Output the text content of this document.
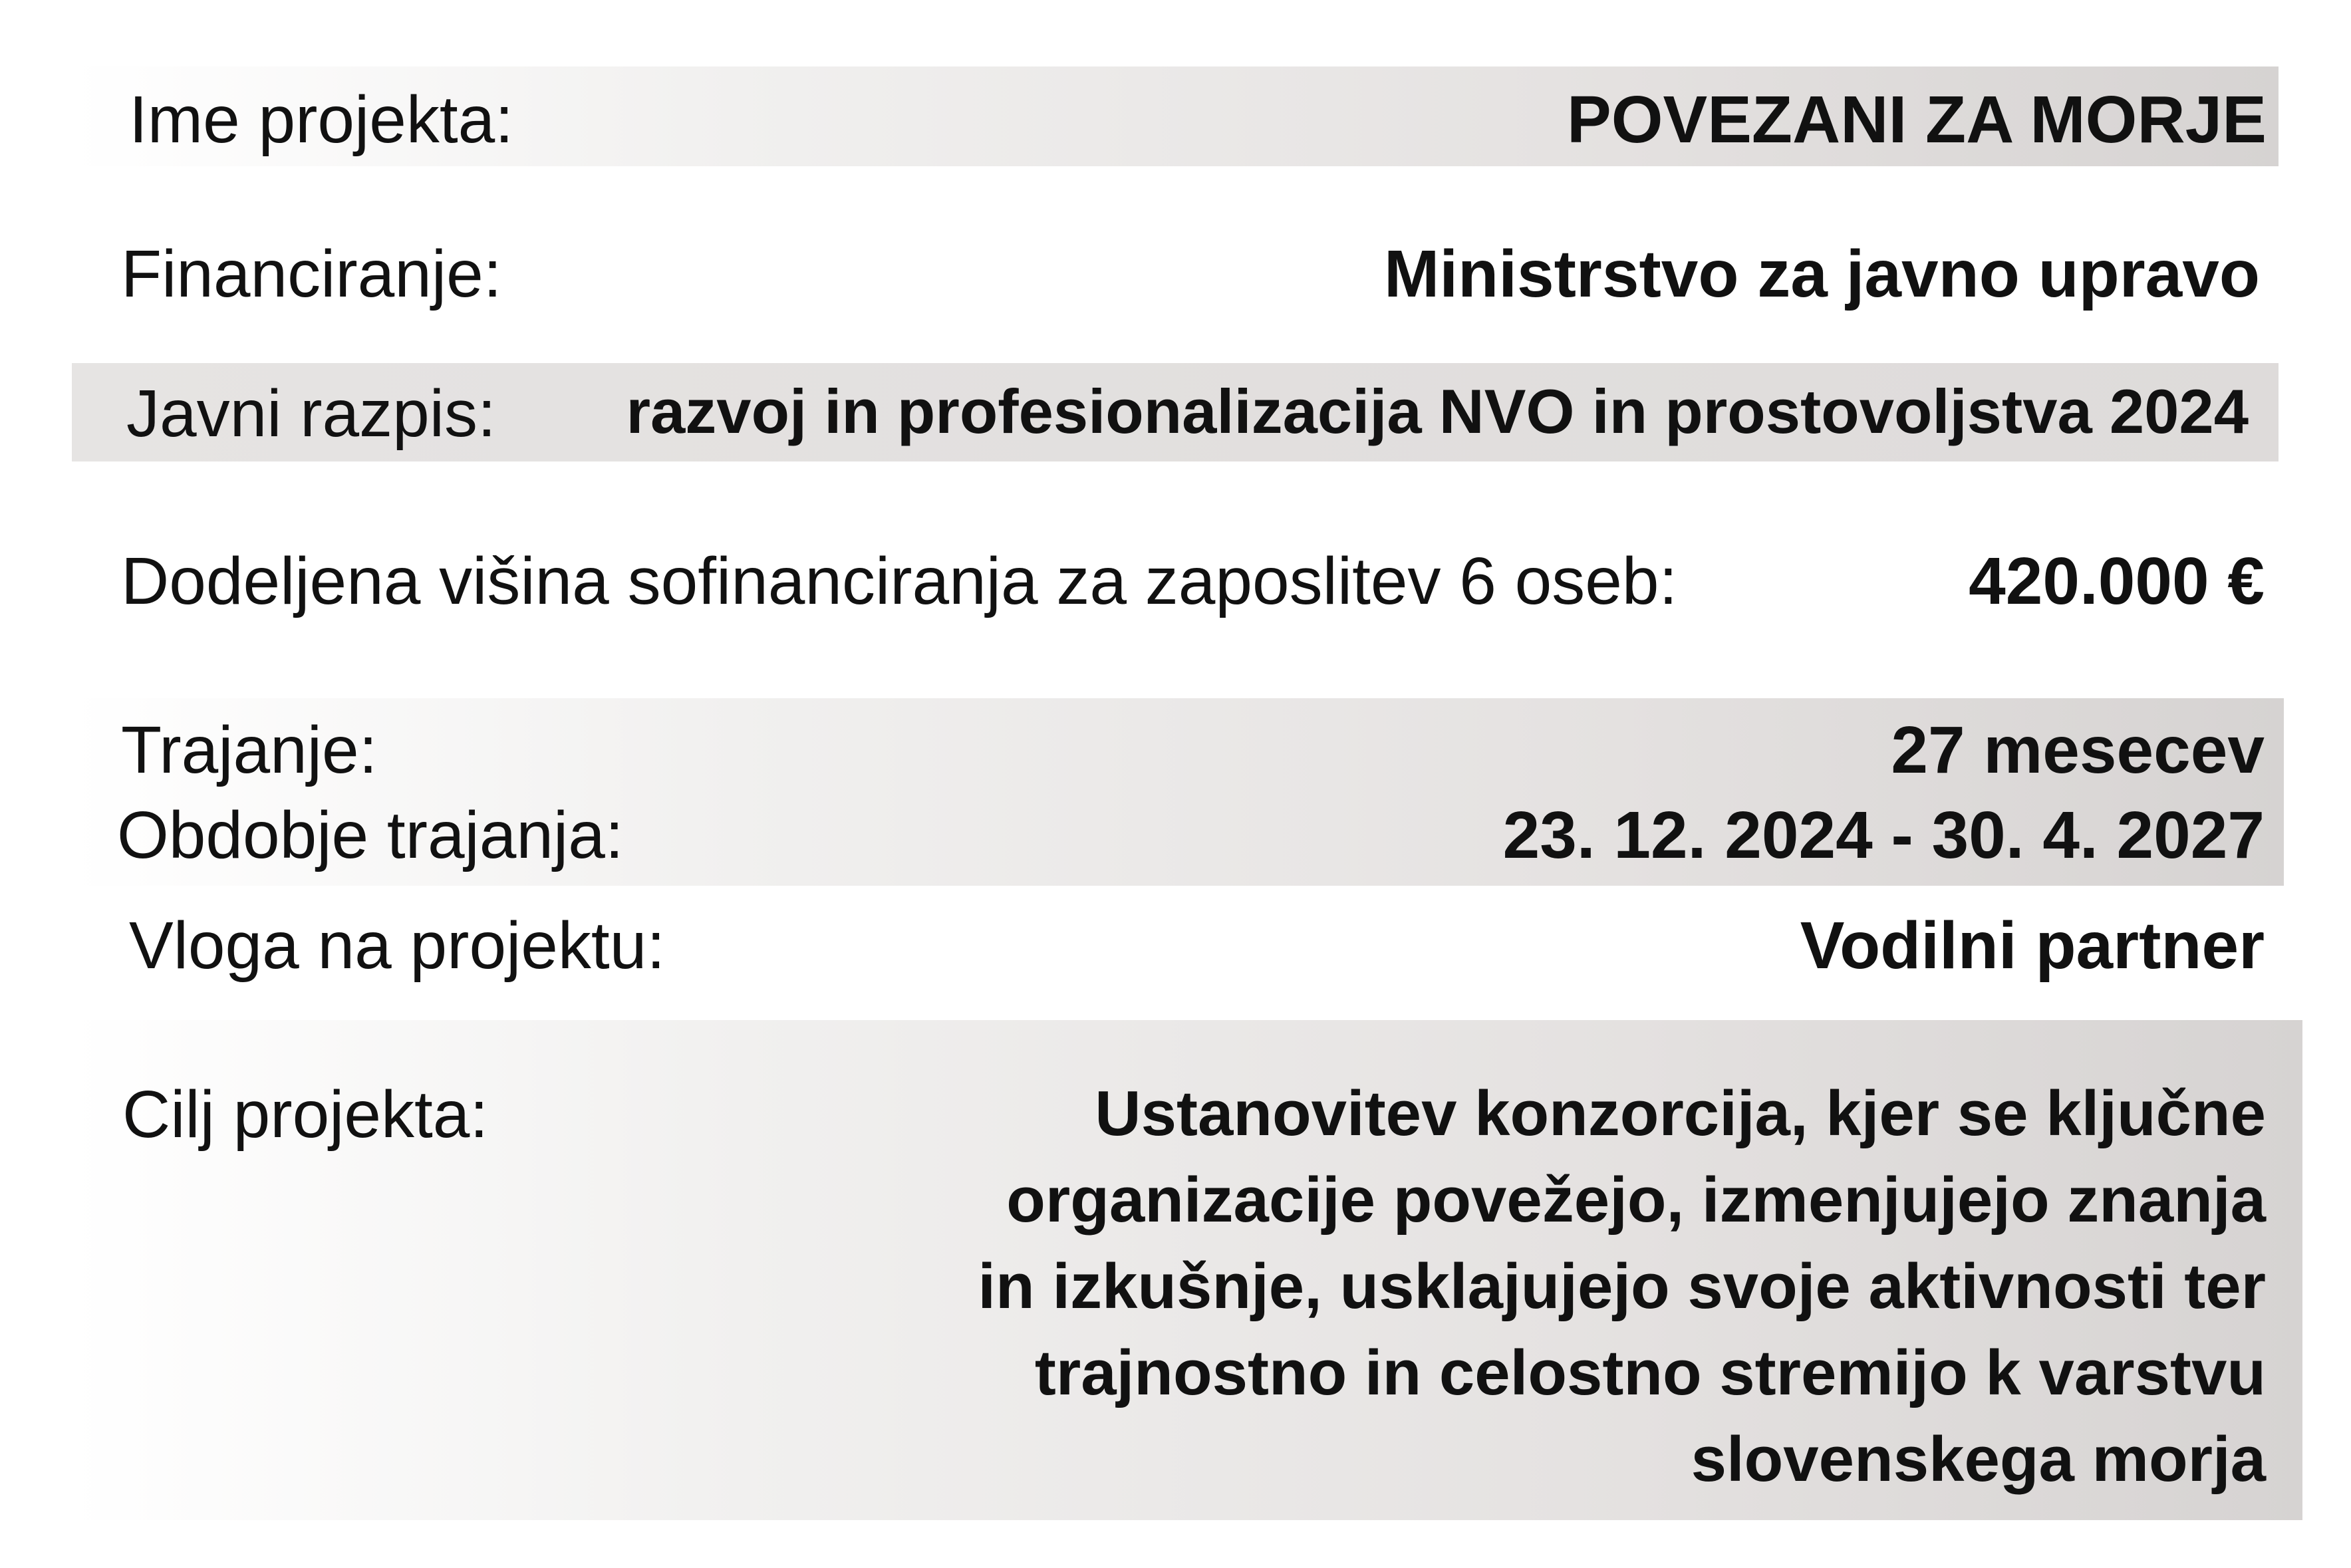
Ime projekta:	POVEZANI ZA MORJE
Financiranje:	Ministrstvo za javno upravo
Javni razpis: razvoj in profesionalizacija NVO in prostovoljstva 2024
Dodeljena višina sofinanciranja za zaposlitev 6 oseb:	420.000 €
Trajanje:	27 mesecev
Obdobje trajanja:	23. 12. 2024 - 30. 4. 2027
Vloga na projektu:	Vodilni partner
Cilj projekta:	Ustanovitev konzorcija, kjer se ključne
organizacije povežejo, izmenjujejo znanja
in izkušnje, usklajujejo svoje aktivnosti ter
trajnostno in celostno stremijo k varstvu
slovenskega morja
